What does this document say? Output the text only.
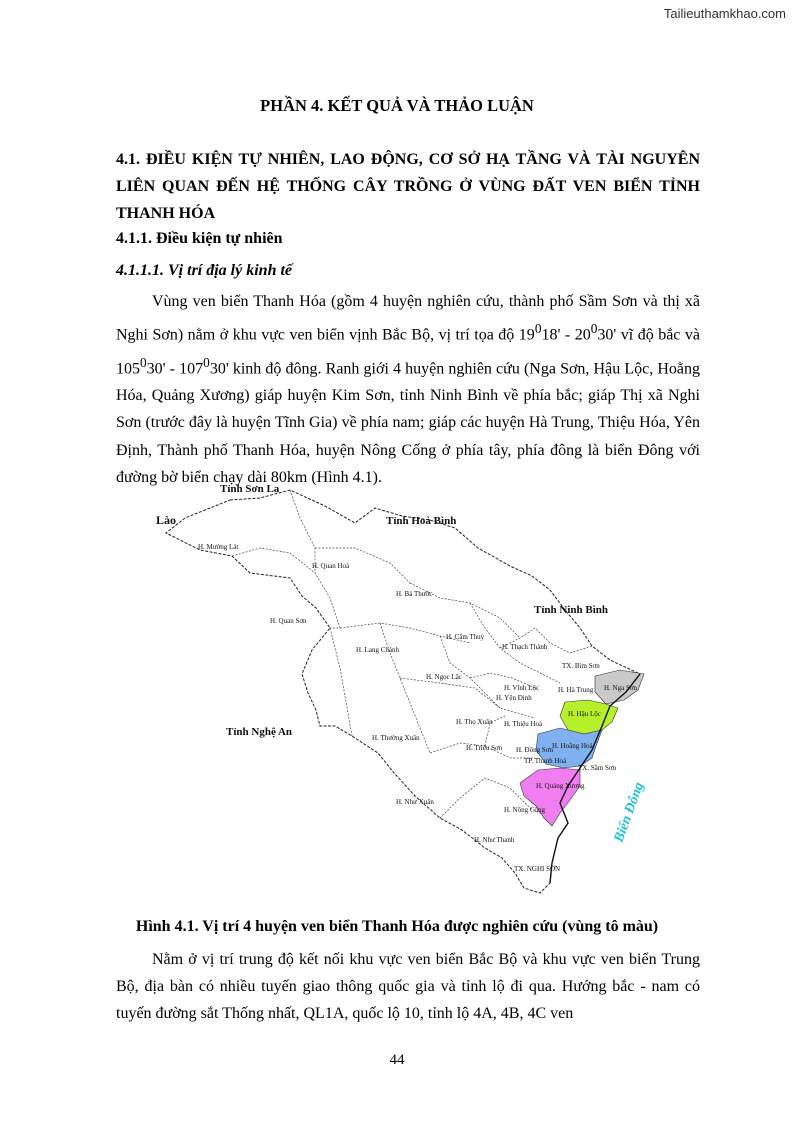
Tailieuthamkhao.com
PHẦN 4. KẾT QUẢ VÀ THẢO LUẬN
4.1. ĐIỀU KIỆN TỰ NHIÊN, LAO ĐỘNG, CƠ SỞ HẠ TẦNG VÀ TÀI NGUYÊN LIÊN QUAN ĐẾN HỆ THỐNG CÂY TRỒNG Ở VÙNG ĐẤT VEN BIỂN TỈNH THANH HÓA
4.1.1. Điều kiện tự nhiên
4.1.1.1. Vị trí địa lý kinh tế

Vùng ven biển Thanh Hóa (gồm 4 huyện nghiên cứu, thành phố Sầm Sơn và thị xã Nghi Sơn) nằm ở khu vực ven biển vịnh Bắc Bộ, vị trí tọa độ $19^018' - 20^030'$ vĩ độ bắc và $105^030' - 107^030'$ kinh độ đông. Ranh giới 4 huyện nghiên cứu (Nga Sơn, Hậu Lộc, Hoằng Hóa, Quảng Xương) giáp huyện Kim Sơn, tỉnh Ninh Bình về phía bắc; giáp Thị xã Nghi Sơn (trước đây là huyện Tĩnh Gia) về phía nam; giáp các huyện Hà Trung, Thiệu Hóa, Yên Định, Thành phố Thanh Hóa, huyện Nông Cống ở phía tây, phía đông là biển Đông với đường bờ biển chạy dài 80km (Hình 4.1).

Tỉnh Sơn La
Lào	Tỉnh Hoà Bình
Tỉnh Ninh Bình
Tỉnh Nghệ An
Biển Đông
H. Mường Lát
H. Quan Hoá
H. Bá Thước
H. Quan Sơn
H. Cẩm Thuỷ
H. Lang Chánh	H. Thạch Thành
TX. Bỉm Sơn
H. Hà Trung H. Nga Sơn
H. Ngọc Lặc
H. Vĩnh Lộc
H. Yên Định
H. Hậu Lộc
H. Thọ Xuân H. Thiệu Hoá
H. Hoằng Hoá
H. Thường Xuân
H. Triệu Sơn H. Đông Sơn
TP. Thanh Hoá
TX. Sầm Sơn
H. Quảng Xương
H. Như Xuân
H. Nông Cống
H. Như Thanh
TX. NGHI SƠN
Hình 4.1. Vị trí 4 huyện ven biển Thanh Hóa được nghiên cứu (vùng tô màu)

Nằm ở vị trí trung độ kết nối khu vực ven biển Bắc Bộ và khu vực ven biển Trung Bộ, địa bàn có nhiều tuyến giao thông quốc gia và tỉnh lộ đi qua. Hướng bắc - nam có tuyến đường sắt Thống nhất, QL1A, quốc lộ 10, tỉnh lộ 4A, 4B, 4C ven

44
